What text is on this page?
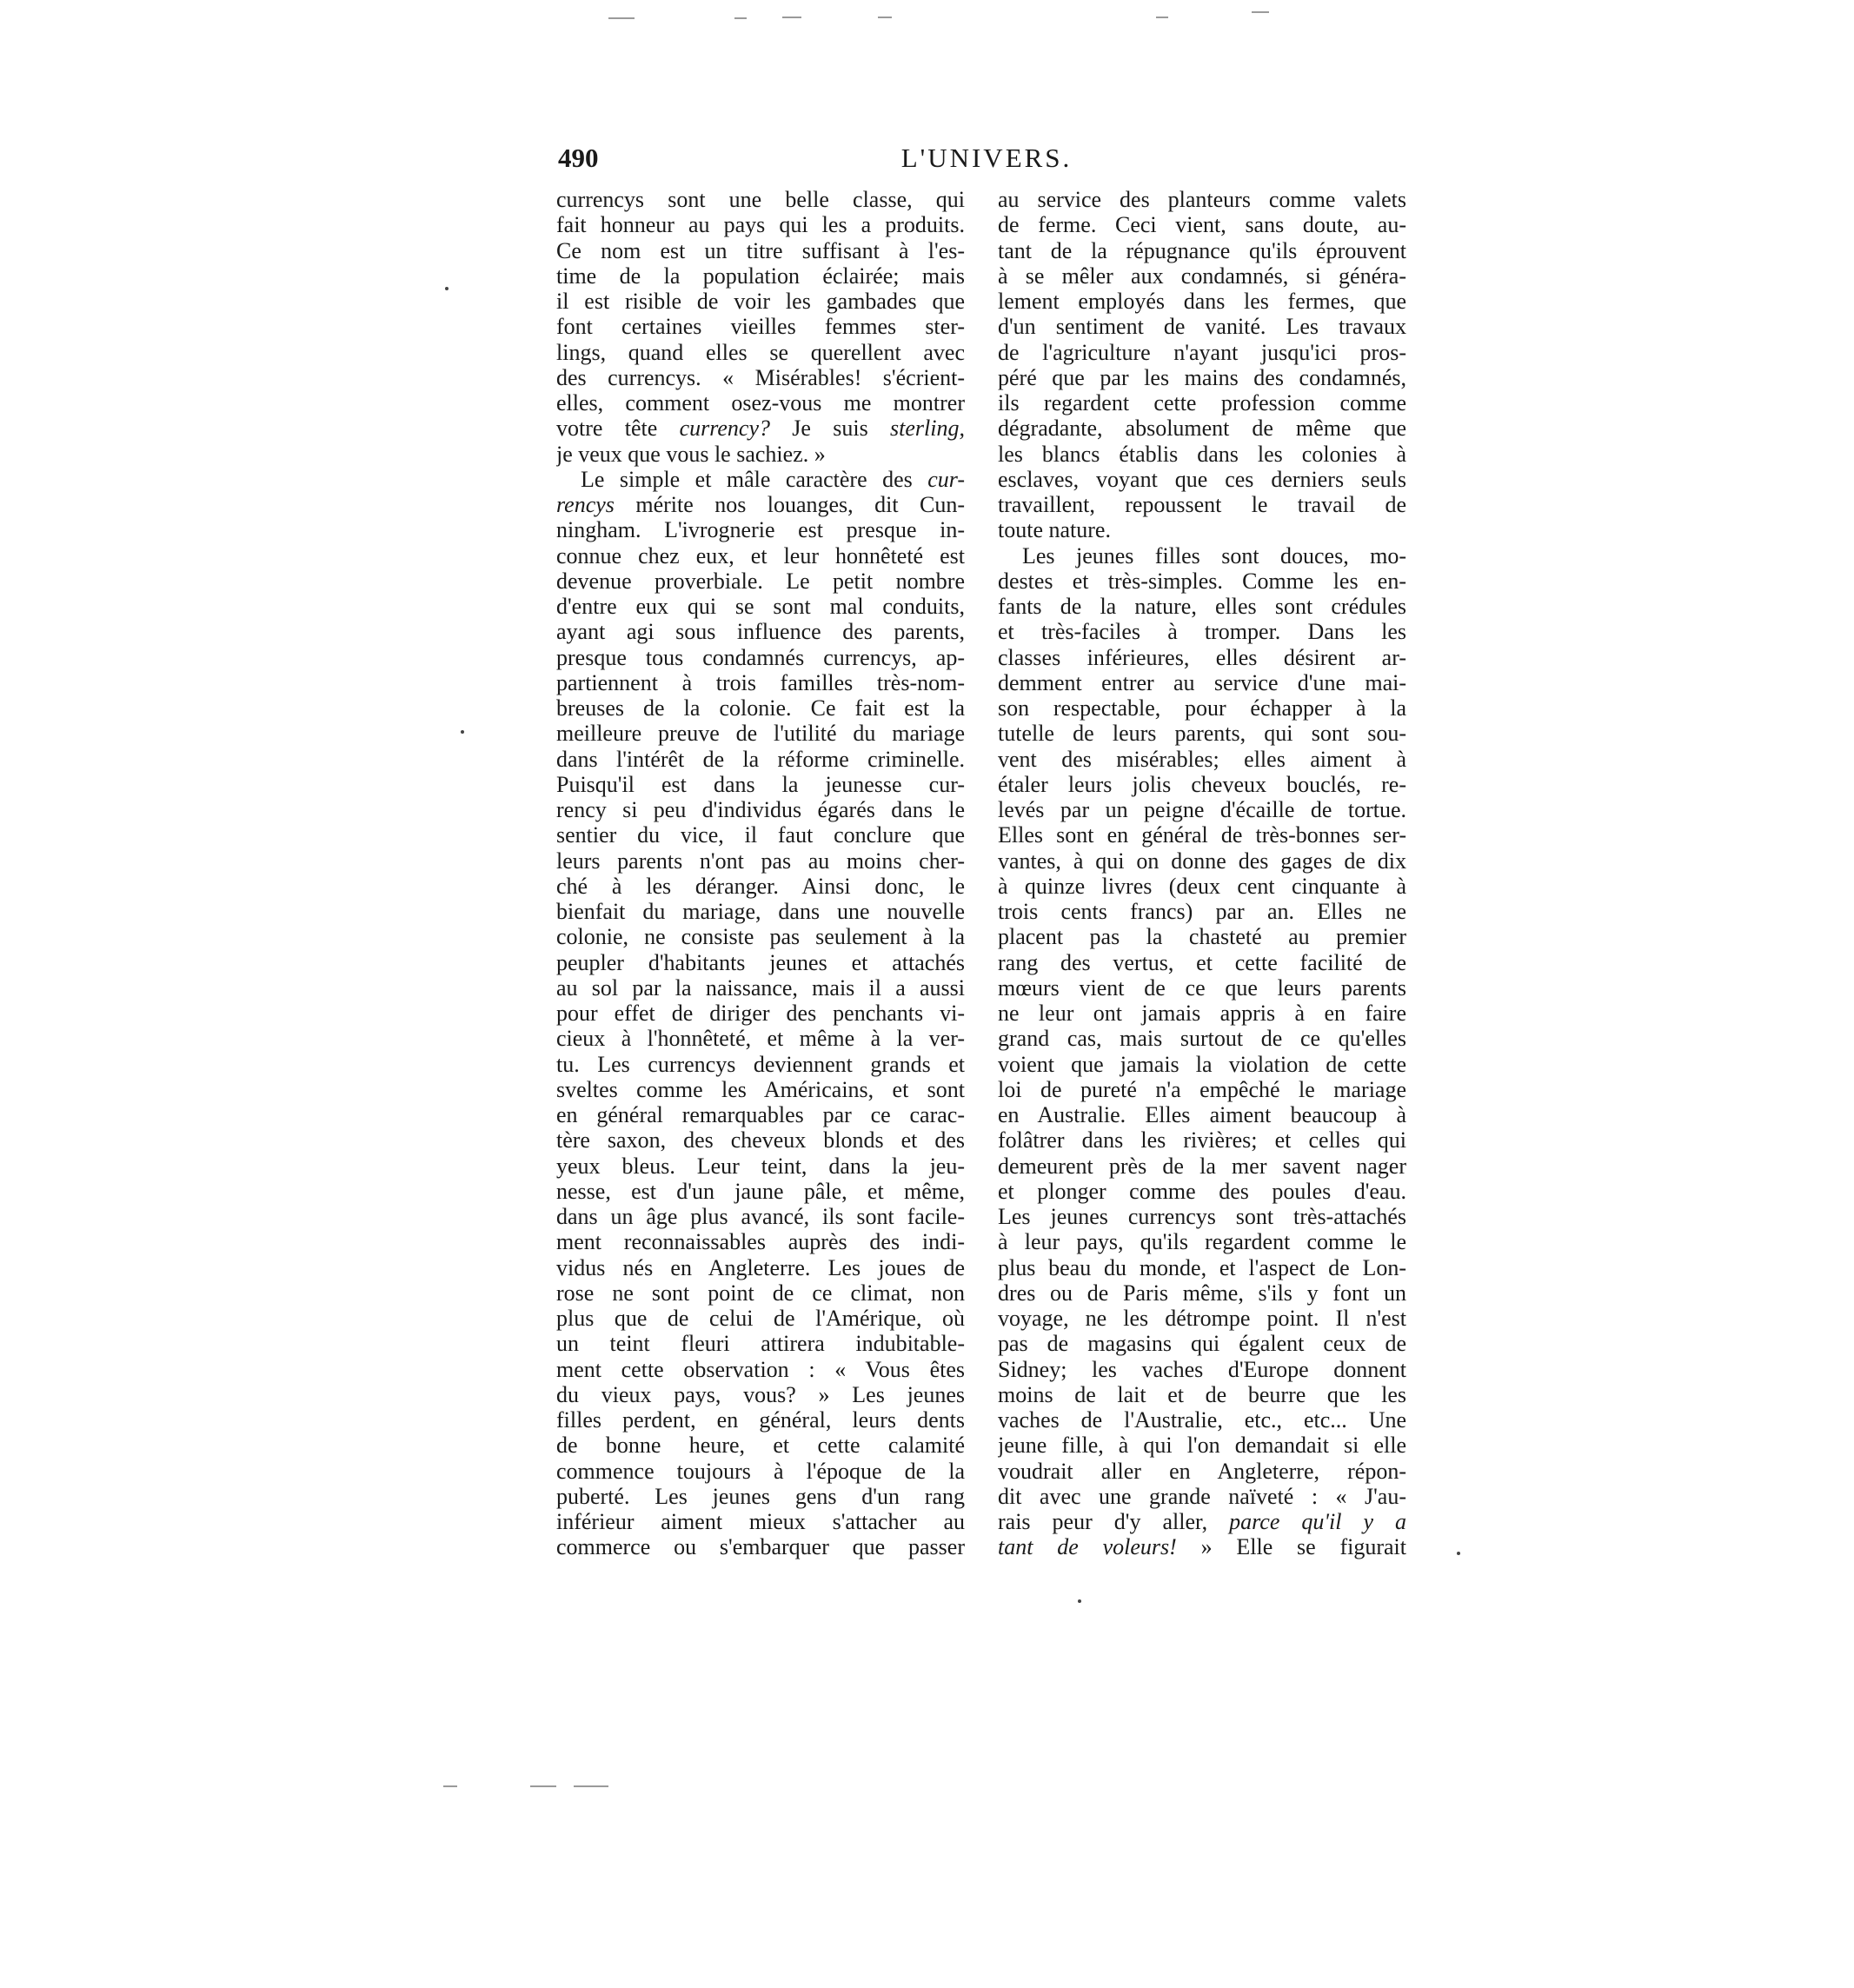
490	L'UNIVERS.
currencys sont une belle classe, qui
fait honneur au pays qui les a produits.
Ce nom est un titre suffisant à l'es-
time de la population éclairée; mais
il est risible de voir les gambades que
font certaines vieilles femmes ster-
lings, quand elles se querellent avec
des currencys. « Misérables! s'écrient-
elles, comment osez-vous me montrer
votre tête currency? Je suis sterling,
je veux que vous le sachiez. »
Le simple et mâle caractère des cur-
rencys mérite nos louanges, dit Cun-
ningham. L'ivrognerie est presque in-
connue chez eux, et leur honnêteté est
devenue proverbiale. Le petit nombre
d'entre eux qui se sont mal conduits,
ayant agi sous influence des parents,
presque tous condamnés currencys, ap-
partiennent à trois familles très-nom-
breuses de la colonie. Ce fait est la
meilleure preuve de l'utilité du mariage
dans l'intérêt de la réforme criminelle.
Puisqu'il est dans la jeunesse cur-
rency si peu d'individus égarés dans le
sentier du vice, il faut conclure que
leurs parents n'ont pas au moins cher-
ché à les déranger. Ainsi donc, le
bienfait du mariage, dans une nouvelle
colonie, ne consiste pas seulement à la
peupler d'habitants jeunes et attachés
au sol par la naissance, mais il a aussi
pour effet de diriger des penchants vi-
cieux à l'honnêteté, et même à la ver-
tu. Les currencys deviennent grands et
sveltes comme les Américains, et sont
en général remarquables par ce carac-
tère saxon, des cheveux blonds et des
yeux bleus. Leur teint, dans la jeu-
nesse, est d'un jaune pâle, et même,
dans un âge plus avancé, ils sont facile-
ment reconnaissables auprès des indi-
vidus nés en Angleterre. Les joues de
rose ne sont point de ce climat, non
plus que de celui de l'Amérique, où
un teint fleuri attirera indubitable-
ment cette observation : « Vous êtes
du vieux pays, vous? » Les jeunes
filles perdent, en général, leurs dents
de bonne heure, et cette calamité
commence toujours à l'époque de la
puberté. Les jeunes gens d'un rang
inférieur aiment mieux s'attacher au
commerce ou s'embarquer que passer
au service des planteurs comme valets
de ferme. Ceci vient, sans doute, au-
tant de la répugnance qu'ils éprouvent
à se mêler aux condamnés, si généra-
lement employés dans les fermes, que
d'un sentiment de vanité. Les travaux
de l'agriculture n'ayant jusqu'ici pros-
péré que par les mains des condamnés,
ils regardent cette profession comme
dégradante, absolument de même que
les blancs établis dans les colonies à
esclaves, voyant que ces derniers seuls
travaillent, repoussent le travail de
toute nature.
Les jeunes filles sont douces, mo-
destes et très-simples. Comme les en-
fants de la nature, elles sont crédules
et très-faciles à tromper. Dans les
classes inférieures, elles désirent ar-
demment entrer au service d'une mai-
son respectable, pour échapper à la
tutelle de leurs parents, qui sont sou-
vent des misérables; elles aiment à
étaler leurs jolis cheveux bouclés, re-
levés par un peigne d'écaille de tortue.
Elles sont en général de très-bonnes ser-
vantes, à qui on donne des gages de dix
à quinze livres (deux cent cinquante à
trois cents francs) par an. Elles ne
placent pas la chasteté au premier
rang des vertus, et cette facilité de
mœurs vient de ce que leurs parents
ne leur ont jamais appris à en faire
grand cas, mais surtout de ce qu'elles
voient que jamais la violation de cette
loi de pureté n'a empêché le mariage
en Australie. Elles aiment beaucoup à
folâtrer dans les rivières; et celles qui
demeurent près de la mer savent nager
et plonger comme des poules d'eau.
Les jeunes currencys sont très-attachés
à leur pays, qu'ils regardent comme le
plus beau du monde, et l'aspect de Lon-
dres ou de Paris même, s'ils y font un
voyage, ne les détrompe point. Il n'est
pas de magasins qui égalent ceux de
Sidney; les vaches d'Europe donnent
moins de lait et de beurre que les
vaches de l'Australie, etc., etc... Une
jeune fille, à qui l'on demandait si elle
voudrait aller en Angleterre, répon-
dit avec une grande naïveté : « J'au-
rais peur d'y aller, parce qu'il y a
tant de voleurs! » Elle se figurait
